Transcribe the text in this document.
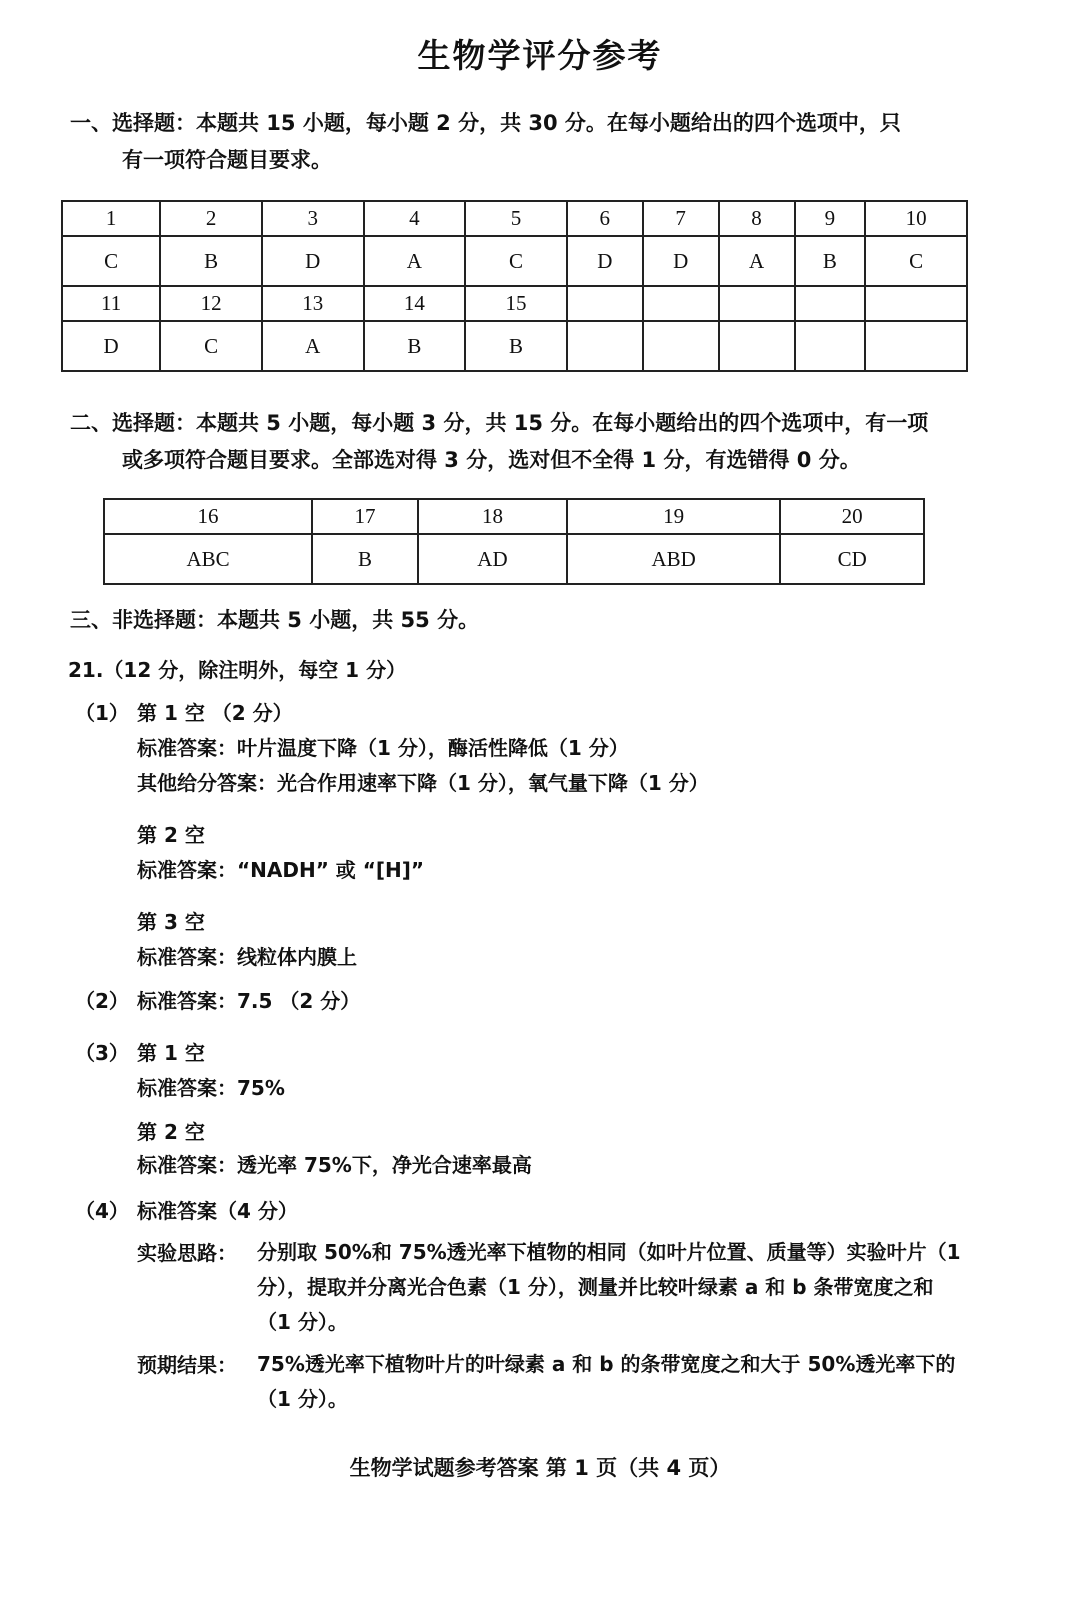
生物学评分参考
一、选择题：本题共 15 小题，每小题 2 分，共 30 分。在每小题给出的四个选项中，只
有一项符合题目要求。
1	2	3	4	5	6	7	8	9	10
C	B	D	A	C	D	D	A	B	C
11	12	13	14	15					
D	C	A	B	B					
二、选择题：本题共 5 小题，每小题 3 分，共 15 分。在每小题给出的四个选项中，有一项
或多项符合题目要求。全部选对得 3 分，选对但不全得 1 分，有选错得 0 分。
16	17	18	19	20
ABC	B	AD	ABD	CD
三、非选择题：本题共 5 小题，共 55 分。
21.（12 分，除注明外，每空 1 分）
（1） 第 1 空 （2 分）
标准答案：叶片温度下降（1 分），酶活性降低（1 分）
其他给分答案：光合作用速率下降（1 分），氧气量下降（1 分）
第 2 空
标准答案：“NADH” 或 “[H]”
第 3 空
标准答案：线粒体内膜上
（2） 标准答案：7.5 （2 分）
（3） 第 1 空
标准答案：75%
第 2 空
标准答案：透光率 75%下，净光合速率最高
（4） 标准答案（4 分）
实验思路： 分别取 50%和 75%透光率下植物的相同（如叶片位置、质量等）实验叶片（1 分），提取并分离光合色素（1 分），测量并比较叶绿素 a 和 b 条带宽度之和（1 分）。
预期结果： 75%透光率下植物叶片的叶绿素 a 和 b 的条带宽度之和大于 50%透光率下的（1 分）。
生物学试题参考答案 第 1 页（共 4 页）
